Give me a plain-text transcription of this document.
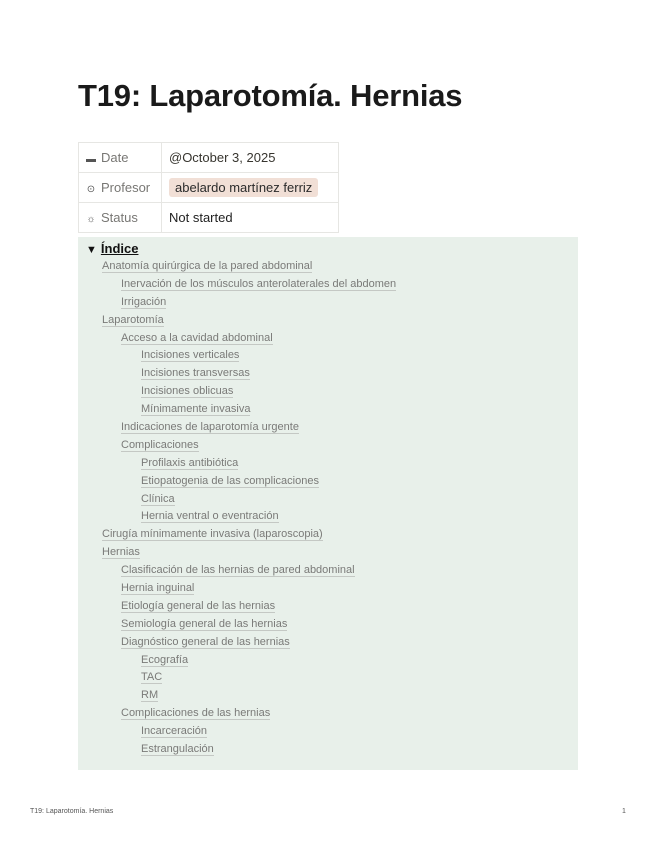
T19: Laparotomía. Hernias
▬ Date	@October 3, 2025
⊙ Profesor	abelardo martínez ferriz
☼ Status	Not started
▼ Índice
Anatomía quirúrgica de la pared abdominal
Inervación de los músculos anterolaterales del abdomen
Irrigación
Laparotomía
Acceso a la cavidad abdominal
Incisiones verticales
Incisiones transversas
Incisiones oblicuas
Mínimamente invasiva
Indicaciones de laparotomía urgente
Complicaciones
Profilaxis antibiótica
Etiopatogenia de las complicaciones
Clínica
Hernia ventral o eventración
Cirugía mínimamente invasiva (laparoscopia)
Hernias
Clasificación de las hernias de pared abdominal
Hernia inguinal
Etiología general de las hernias
Semiología general de las hernias
Diagnóstico general de las hernias
Ecografía
TAC
RM
Complicaciones de las hernias
Incarceración
Estrangulación
T19: Laparotomía. Hernias	1
